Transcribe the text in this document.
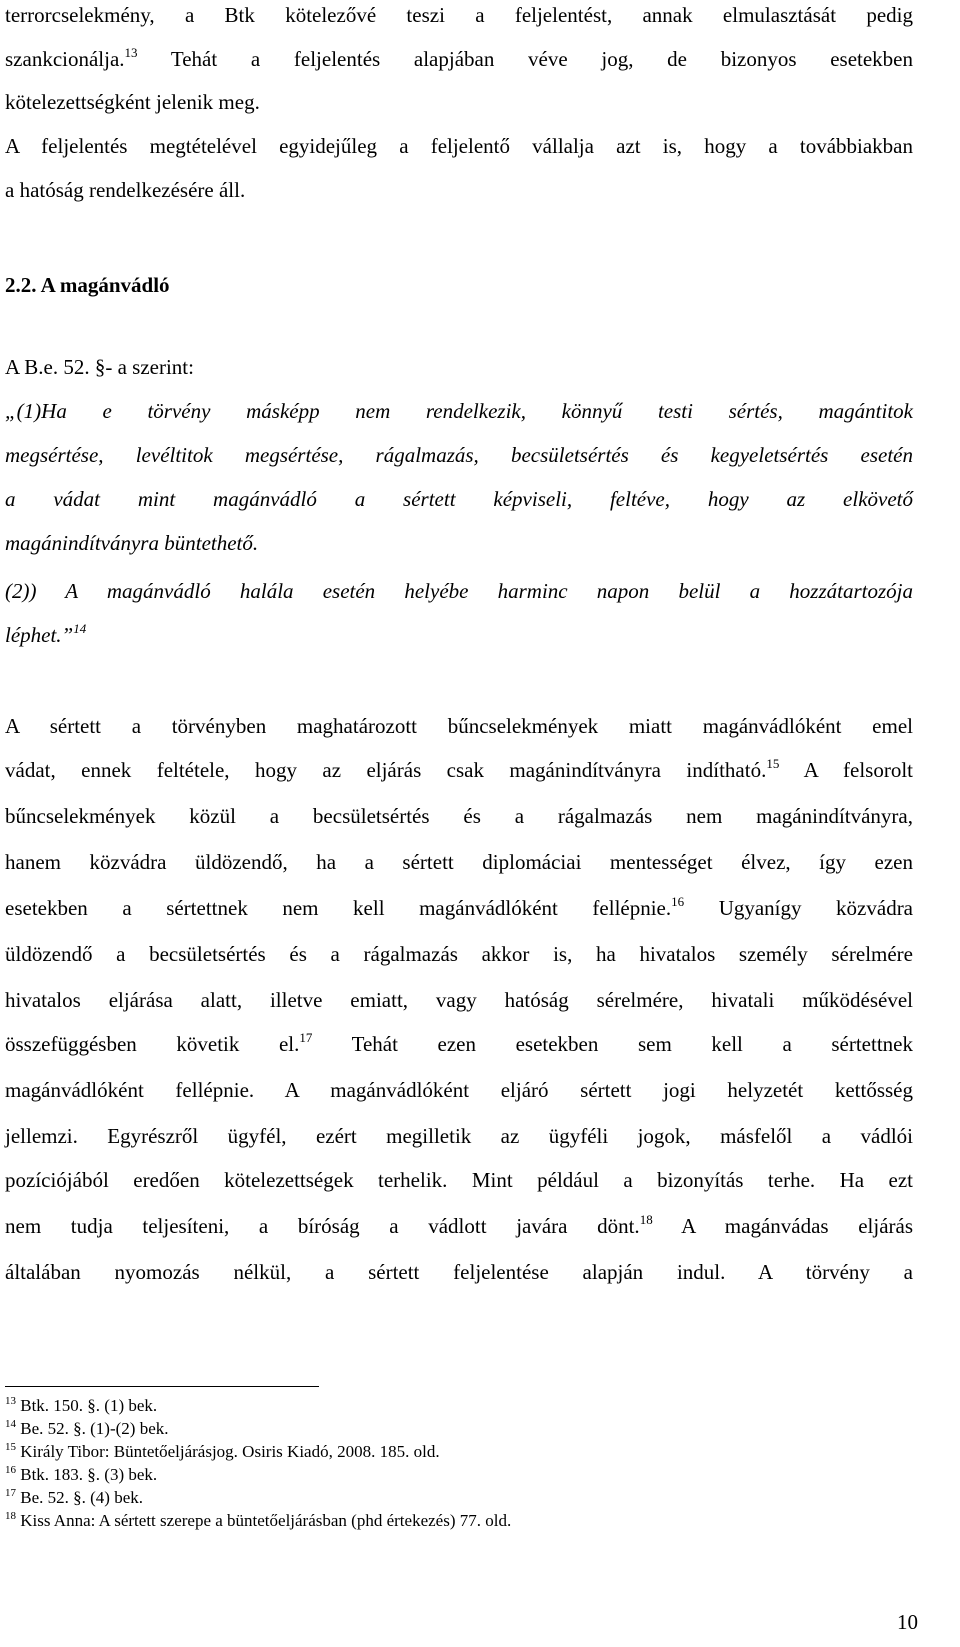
terrorcselekmény, a Btk kötelezővé teszi a feljelentést, annak elmulasztását pedig
szankcionálja.$^{13}$ Tehát a feljelentés alapjában véve jog, de bizonyos esetekben
kötelezettségként jelenik meg.
A feljelentés megtételével egyidejűleg a feljelentő vállalja azt is, hogy a továbbiakban
a hatóság rendelkezésére áll.
2.2. A magánvádló
A B.e. 52. §- a szerint:
„(1)Ha e törvény másképp nem rendelkezik, könnyű testi sértés, magántitok
megsértése, levéltitok megsértése, rágalmazás, becsületsértés és kegyeletsértés esetén
a vádat mint magánvádló a sértett képviseli, feltéve, hogy az elkövető
magánindítványra büntethető.
(2)) A magánvádló halála esetén helyébe harminc napon belül a hozzátartozója
léphet.”$^{14}$
A sértett a törvényben maghatározott bűncselekmények miatt magánvádlóként emel
vádat, ennek feltétele, hogy az eljárás csak magánindítványra indítható.$^{15}$ A felsorolt
bűncselekmények közül a becsületsértés és a rágalmazás nem magánindítványra,
hanem közvádra üldözendő, ha a sértett diplomáciai mentességet élvez, így ezen
esetekben a sértettnek nem kell magánvádlóként fellépnie.$^{16}$ Ugyanígy közvádra
üldözendő a becsületsértés és a rágalmazás akkor is, ha hivatalos személy sérelmére
hivatalos eljárása alatt, illetve emiatt, vagy hatóság sérelmére, hivatali működésével
összefüggésben követik el.$^{17}$ Tehát ezen esetekben sem kell a sértettnek
magánvádlóként fellépnie. A magánvádlóként eljáró sértett jogi helyzetét kettősség
jellemzi. Egyrészről ügyfél, ezért megilletik az ügyféli jogok, másfelől a vádlói
pozíciójából eredően kötelezettségek terhelik. Mint például a bizonyítás terhe. Ha ezt
nem tudja teljesíteni, a bíróság a vádlott javára dönt.$^{18}$ A magánvádas eljárás
általában nyomozás nélkül, a sértett feljelentése alapján indul. A törvény a
$^{13}$ Btk. 150. §. (1) bek.
$^{14}$ Be. 52. §. (1)-(2) bek.
$^{15}$ Király Tibor: Büntetőeljárásjog. Osiris Kiadó, 2008. 185. old.
$^{16}$ Btk. 183. §. (3) bek.
$^{17}$ Be. 52. §. (4) bek.
$^{18}$ Kiss Anna: A sértett szerepe a büntetőeljárásban (phd értekezés) 77. old.
10
